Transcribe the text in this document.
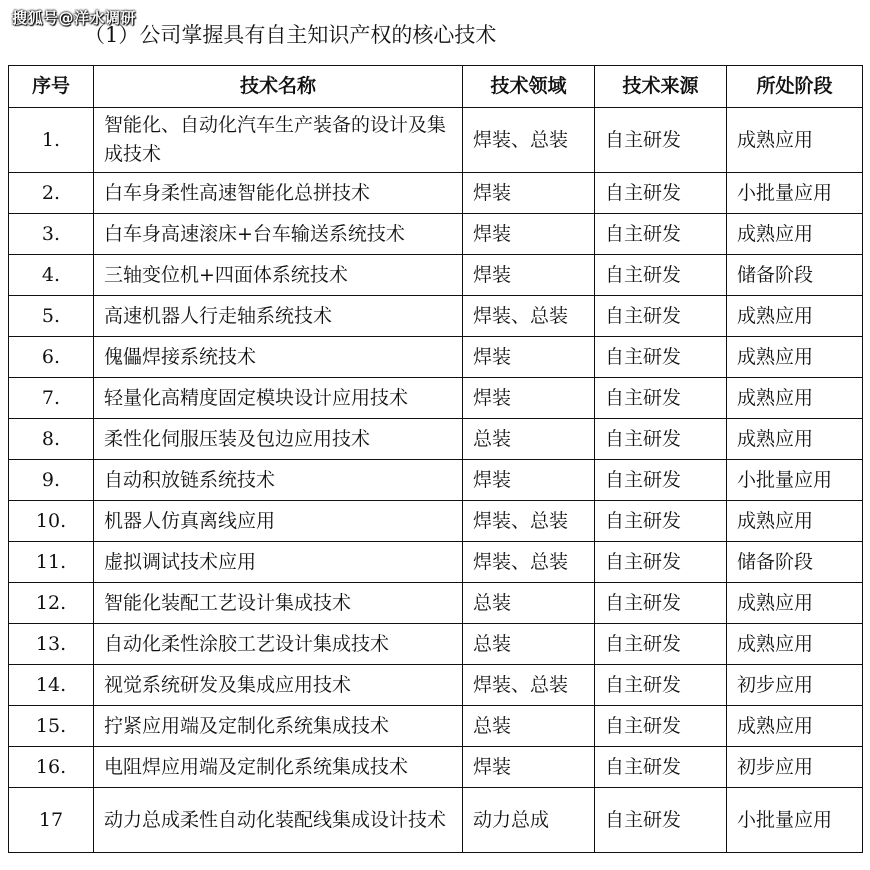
搜狐号@洋水调研
（1）公司掌握具有自主知识产权的核心技术
序号	技术名称	技术领域	技术来源	所处阶段
1.	智能化、自动化汽车生产装备的设计及集成技术	焊装、总装	自主研发	成熟应用
2.	白车身柔性高速智能化总拼技术	焊装	自主研发	小批量应用
3.	白车身高速滚床+台车输送系统技术	焊装	自主研发	成熟应用
4.	三轴变位机+四面体系统技术	焊装	自主研发	储备阶段
5.	高速机器人行走轴系统技术	焊装、总装	自主研发	成熟应用
6.	傀儡焊接系统技术	焊装	自主研发	成熟应用
7.	轻量化高精度固定模块设计应用技术	焊装	自主研发	成熟应用
8.	柔性化伺服压装及包边应用技术	总装	自主研发	成熟应用
9.	自动积放链系统技术	焊装	自主研发	小批量应用
10.	机器人仿真离线应用	焊装、总装	自主研发	成熟应用
11.	虚拟调试技术应用	焊装、总装	自主研发	储备阶段
12.	智能化装配工艺设计集成技术	总装	自主研发	成熟应用
13.	自动化柔性涂胶工艺设计集成技术	总装	自主研发	成熟应用
14.	视觉系统研发及集成应用技术	焊装、总装	自主研发	初步应用
15.	拧紧应用端及定制化系统集成技术	总装	自主研发	成熟应用
16.	电阻焊应用端及定制化系统集成技术	焊装	自主研发	初步应用
17	动力总成柔性自动化装配线集成设计技术	动力总成	自主研发	小批量应用
